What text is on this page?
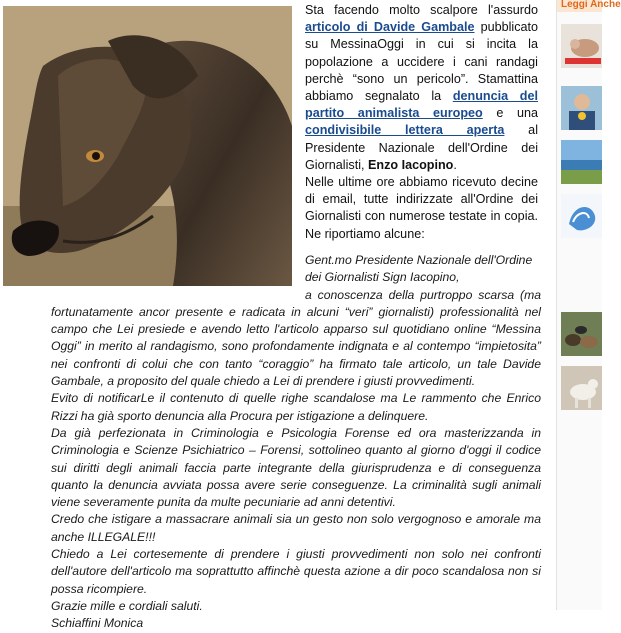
Sta facendo molto scalpore l'assurdo articolo di Davide Gambale pubblicato su MessinaOggi in cui si incita la popolazione a uccidere i cani randagi perchè “sono un pericolo”. Stamattina abbiamo segnalato la denuncia del partito animalista europeo e una condivisibile lettera aperta al Presidente Nazionale dell'Ordine dei Giornalisti, Enzo Iacopino.

Nelle ultime ore abbiamo ricevuto decine di email, tutte indirizzate all'Ordine dei Giornalisti con numerose testate in copia. Ne riportiamo alcune:

Gent.mo Presidente Nazionale dell'Ordine dei Giornalisti Sign Iacopino,

a conoscenza della purtroppo scarsa (ma fortunatamente ancor presente e radicata in alcuni “veri” giornalisti) professionalità nel campo che Lei presiede e avendo letto l'articolo apparso sul quotidiano online “Messina Oggi” in merito al randagismo, sono profondamente indignata e al contempo “impietosita” nei confronti di colui che con tanto “coraggio” ha firmato tale articolo, un tale Davide Gambale, a proposito del quale chiedo a Lei di prendere i giusti provvedimenti.

Evito di notificarLe il contenuto di quelle righe scandalose ma Le rammento che Enrico Rizzi ha già sporto denuncia alla Procura per istigazione a delinquere.

Da già perfezionata in Criminologia e Psicologia Forense ed ora masterizzanda in Criminologia e Scienze Psichiatrico – Forensi, sottolineo quanto al giorno d'oggi il codice sui diritti degli animali faccia parte integrante della giurisprudenza e di conseguenza quanto la denuncia avviata possa avere serie conseguenze. La criminalità sugli animali viene severamente punita da multe pecuniarie ad anni detentivi.

Credo che istigare a massacrare animali sia un gesto non solo vergognoso e amorale ma anche ILLEGALE!!!

Chiedo a Lei cortesemente di prendere i giusti provvedimenti non solo nei confronti dell'autore dell'articolo ma soprattutto affinchè questa azione a dir poco scandalosa non si possa ricompiere.

Grazie mille e cordiali saluti.

Schiaffini Monica

Leggi Anche
